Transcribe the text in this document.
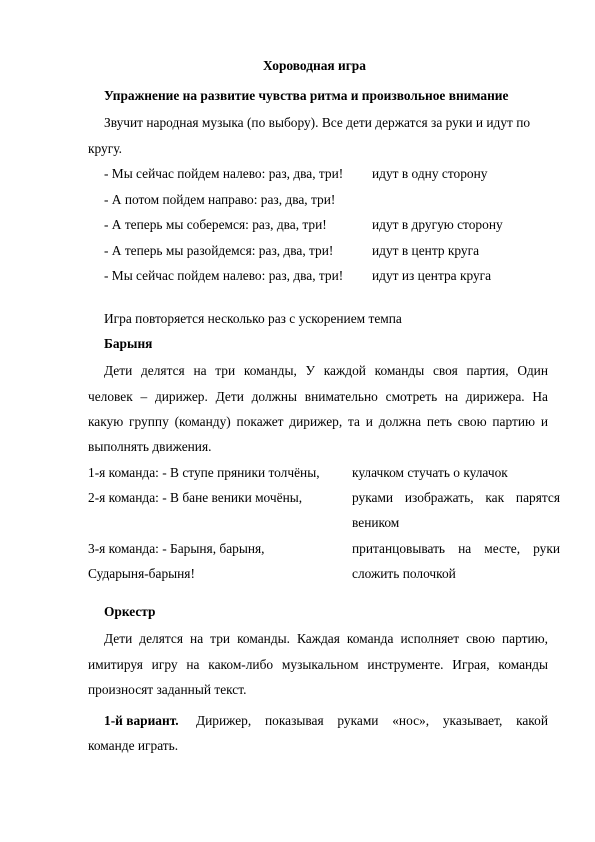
Хороводная игра
Упражнение на развитие чувства ритма и произвольное внимание
Звучит народная музыка (по выбору). Все дети держатся за руки и идут по
кругу.
- Мы сейчас пойдем налево: раз, два, три! идут в одну сторону
- А потом пойдем направо: раз, два, три!
- А теперь мы соберемся: раз, два, три!	идут в другую сторону
- А теперь мы разойдемся: раз, два, три!	идут в центр круга
- Мы сейчас пойдем налево: раз, два, три! идут из центра круга
Игра повторяется несколько раз с ускорением темпа
Барыня
Дети делятся на три команды, У каждой команды своя партия, Один
человек – дирижер. Дети должны внимательно смотреть на дирижера. На
какую группу (команду) покажет дирижер, та и должна петь свою партию и
выполнять движения.
1-я команда: - В ступе пряники толчёны, кулачком стучать о кулачок
2-я команда: - В бане веники мочёны,	руками изображать, как парятся
веником
3-я команда: - Барыня, барыня,	пританцовывать на месте, руки
Сударыня-барыня!	сложить полочкой
Оркестр
Дети делятся на три команды. Каждая команда исполняет свою партию,
имитируя игру на каком-либо музыкальном инструменте. Играя, команды
произносят заданный текст.
1-й вариант. Дирижер, показывая руками «нос», указывает, какой
команде играть.
